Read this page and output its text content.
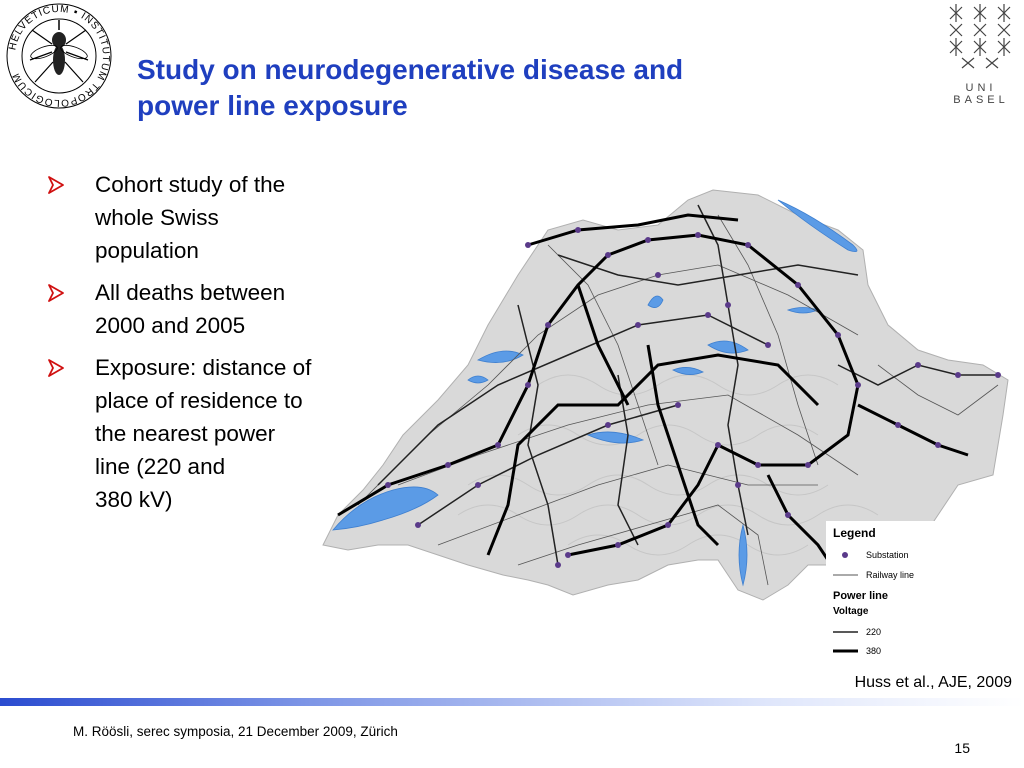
HELVETICUM ▪ INSTITUTUM TROPOLOGICUM
UNI
BASEL
Study on neurodegenerative disease and
power line exposure
Cohort study of the
whole Swiss
population
All deaths between
2000 and 2005
Exposure: distance of
place of residence to
the nearest power
line (220 and
380 kV)
Legend
Substation
Railway line
Power line
Voltage
220
380
Huss et al., AJE, 2009
M. Röösli, serec symposia, 21 December 2009, Zürich
15
